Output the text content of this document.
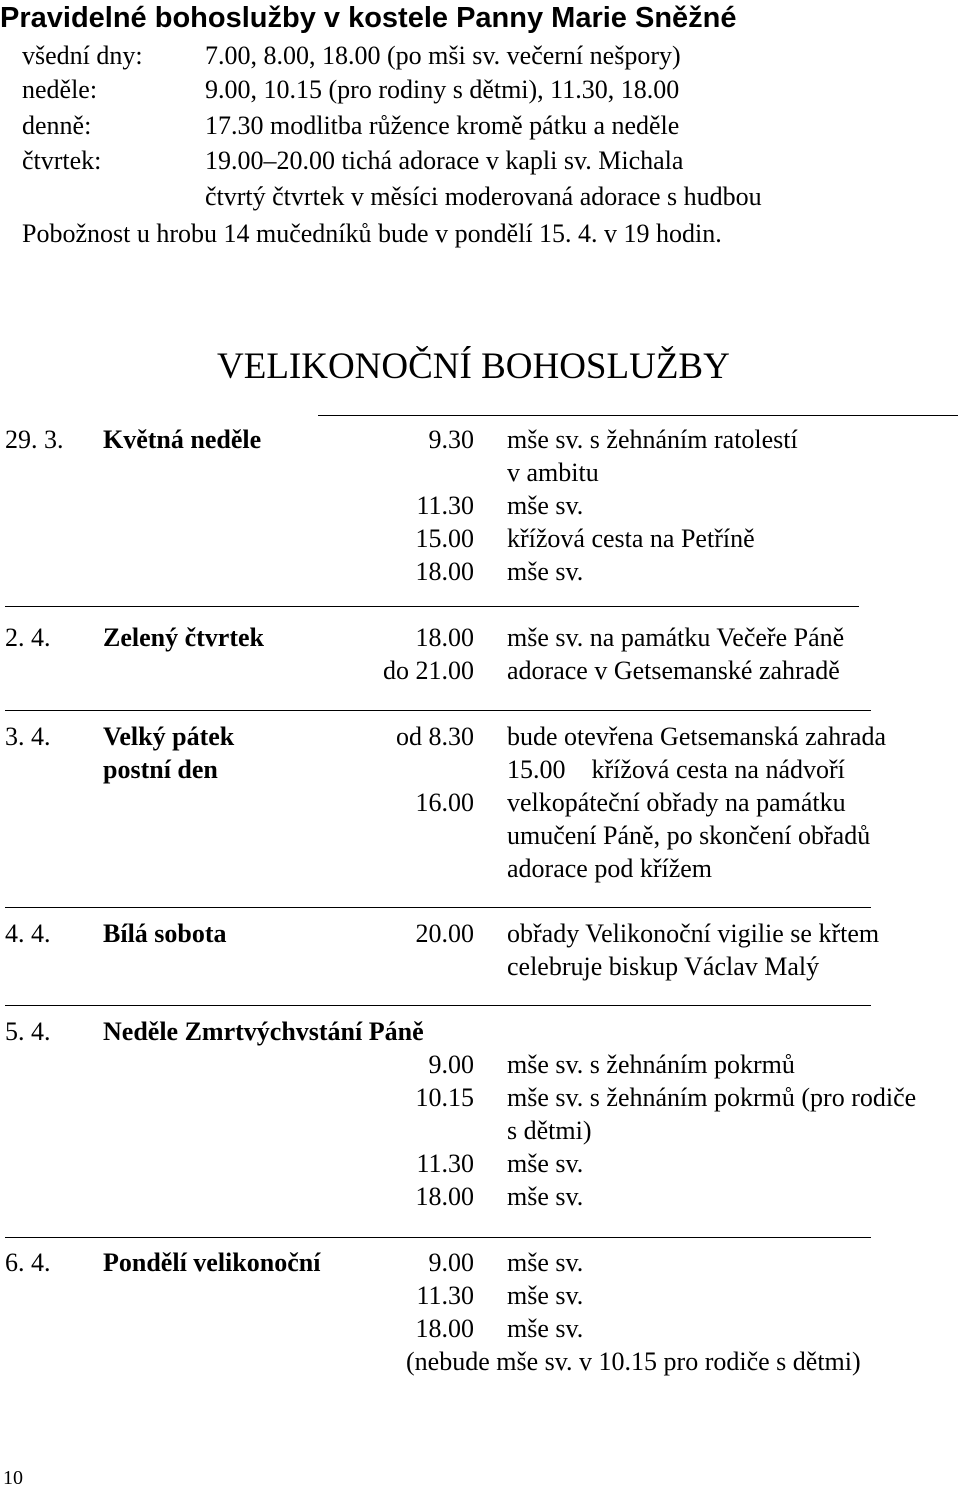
Pravidelné bohoslužby v kostele Panny Marie Sněžné
všední dny: 7.00, 8.00, 18.00 (po mši sv. večerní nešpory)
neděle:	9.00, 10.15 (pro rodiny s dětmi), 11.30, 18.00
denně:	17.30 modlitba růžence kromě pátku a neděle
čtvrtek:	19.00–20.00 tichá adorace v kapli sv. Michala
čtvrtý čtvrtek v měsíci moderovaná adorace s hudbou
Pobožnost u hrobu 14 mučedníků bude v pondělí 15. 4. v 19 hodin.
VELIKONOČNÍ BOHOSLUŽBY
29. 3. Květná neděle	9.30 mše sv. s žehnáním ratolestí
v ambitu
11.30 mše sv.
15.00 křížová cesta na Petříně
18.00 mše sv.
2. 4. Zelený čtvrtek	18.00 mše sv. na památku Večeře Páně
do 21.00 adorace v Getsemanské zahradě
3. 4. Velký pátek
postní den
od 8.30 bude otevřena Getsemanská zahrada
15.00    křížová cesta na nádvoří
16.00 velkopáteční obřady na památku
umučení Páně, po skončení obřadů
adorace pod křížem
4. 4. Bílá sobota	20.00 obřady Velikonoční vigilie se křtem
celebruje biskup Václav Malý
5. 4. Neděle Zmrtvýchvstání Páně
9.00 mše sv. s žehnáním pokrmů
10.15 mše sv. s žehnáním pokrmů (pro rodiče
s dětmi)
11.30 mše sv.
18.00 mše sv.
6. 4. Pondělí velikonoční	9.00 mše sv.
11.30 mše sv.
18.00 mše sv.
(nebude mše sv. v 10.15 pro rodiče s dětmi)
10
